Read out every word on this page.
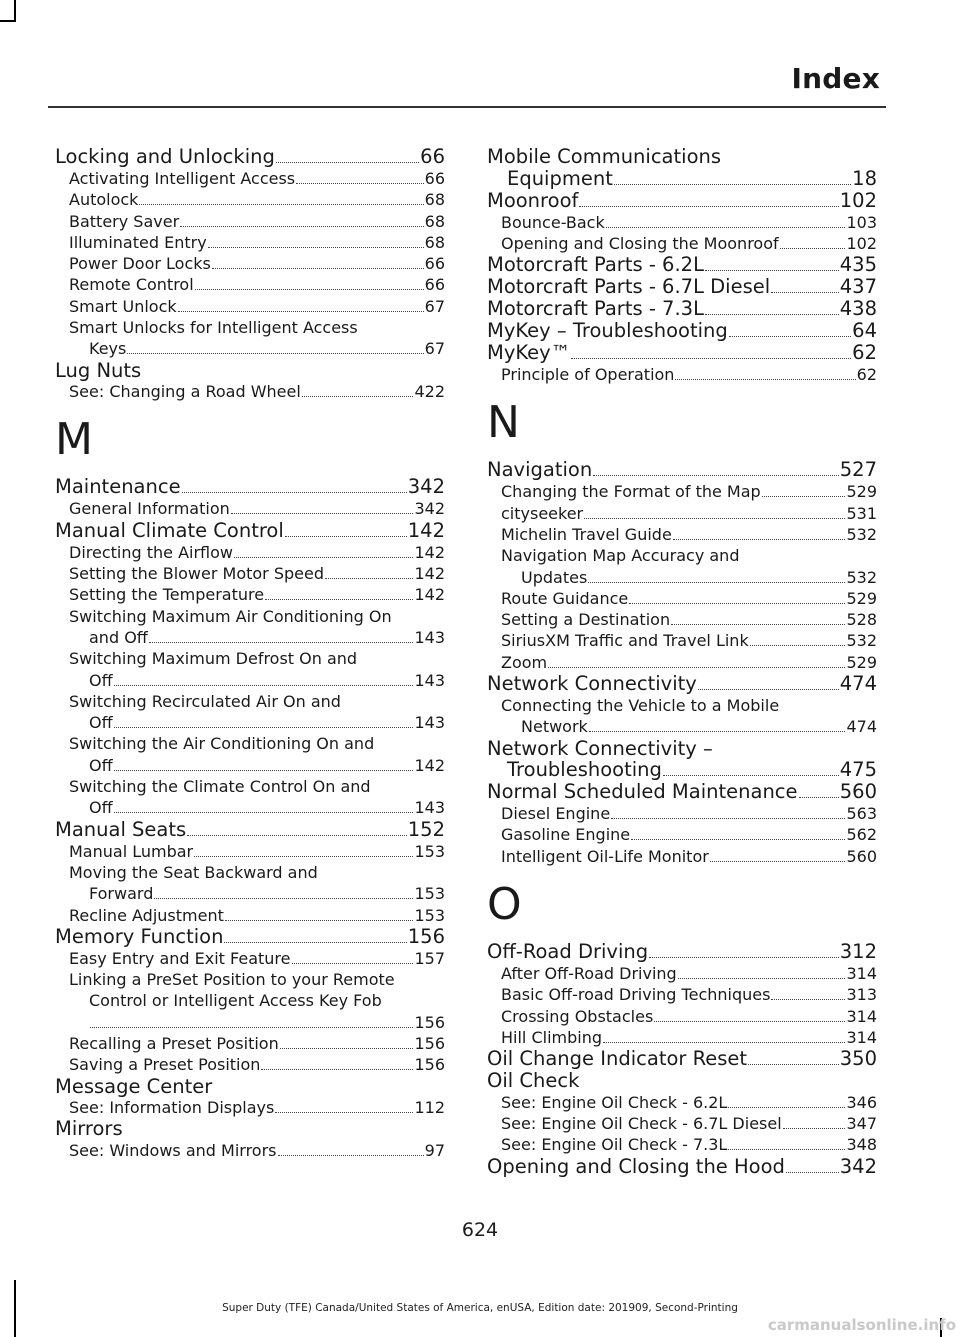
Index
Locking and Unlocking	66
Activating Intelligent Access	66
Autolock	68
Battery Saver	68
Illuminated Entry	68
Power Door Locks	66
Remote Control	66
Smart Unlock	67
Smart Unlocks for Intelligent Access
Keys	67
Lug Nuts
See: Changing a Road Wheel	422
M
Maintenance	342
General Information	342
Manual Climate Control	142
Directing the Airflow	142
Setting the Blower Motor Speed	142
Setting the Temperature	142
Switching Maximum Air Conditioning On
and Off	143
Switching Maximum Defrost On and
Off	143
Switching Recirculated Air On and
Off	143
Switching the Air Conditioning On and
Off	142
Switching the Climate Control On and
Off	143
Manual Seats	152
Manual Lumbar	153
Moving the Seat Backward and
Forward	153
Recline Adjustment	153
Memory Function	156
Easy Entry and Exit Feature	157
Linking a PreSet Position to your Remote
Control or Intelligent Access Key Fob
156
Recalling a Preset Position	156
Saving a Preset Position	156
Message Center
See: Information Displays	112
Mirrors
See: Windows and Mirrors	97
Mobile Communications
Equipment	18
Moonroof	102
Bounce-Back	103
Opening and Closing the Moonroof	102
Motorcraft Parts - 6.2L	435
Motorcraft Parts - 6.7L Diesel	437
Motorcraft Parts - 7.3L	438
MyKey – Troubleshooting	64
MyKey™	62
Principle of Operation	62
N
Navigation	527
Changing the Format of the Map	529
cityseeker	531
Michelin Travel Guide	532
Navigation Map Accuracy and
Updates	532
Route Guidance	529
Setting a Destination	528
SiriusXM Traffic and Travel Link	532
Zoom	529
Network Connectivity	474
Connecting the Vehicle to a Mobile
Network	474
Network Connectivity –
Troubleshooting	475
Normal Scheduled Maintenance 560
Diesel Engine	563
Gasoline Engine	562
Intelligent Oil-Life Monitor	560
O
Off-Road Driving	312
After Off-Road Driving	314
Basic Off-road Driving Techniques	313
Crossing Obstacles	314
Hill Climbing	314
Oil Change Indicator Reset	350
Oil Check
See: Engine Oil Check - 6.2L	346
See: Engine Oil Check - 6.7L Diesel	347
See: Engine Oil Check - 7.3L	348
Opening and Closing the Hood	342
624
Super Duty (TFE) Canada/United States of America, enUSA, Edition date: 201909, Second-Printing
carmanualsonline.info
